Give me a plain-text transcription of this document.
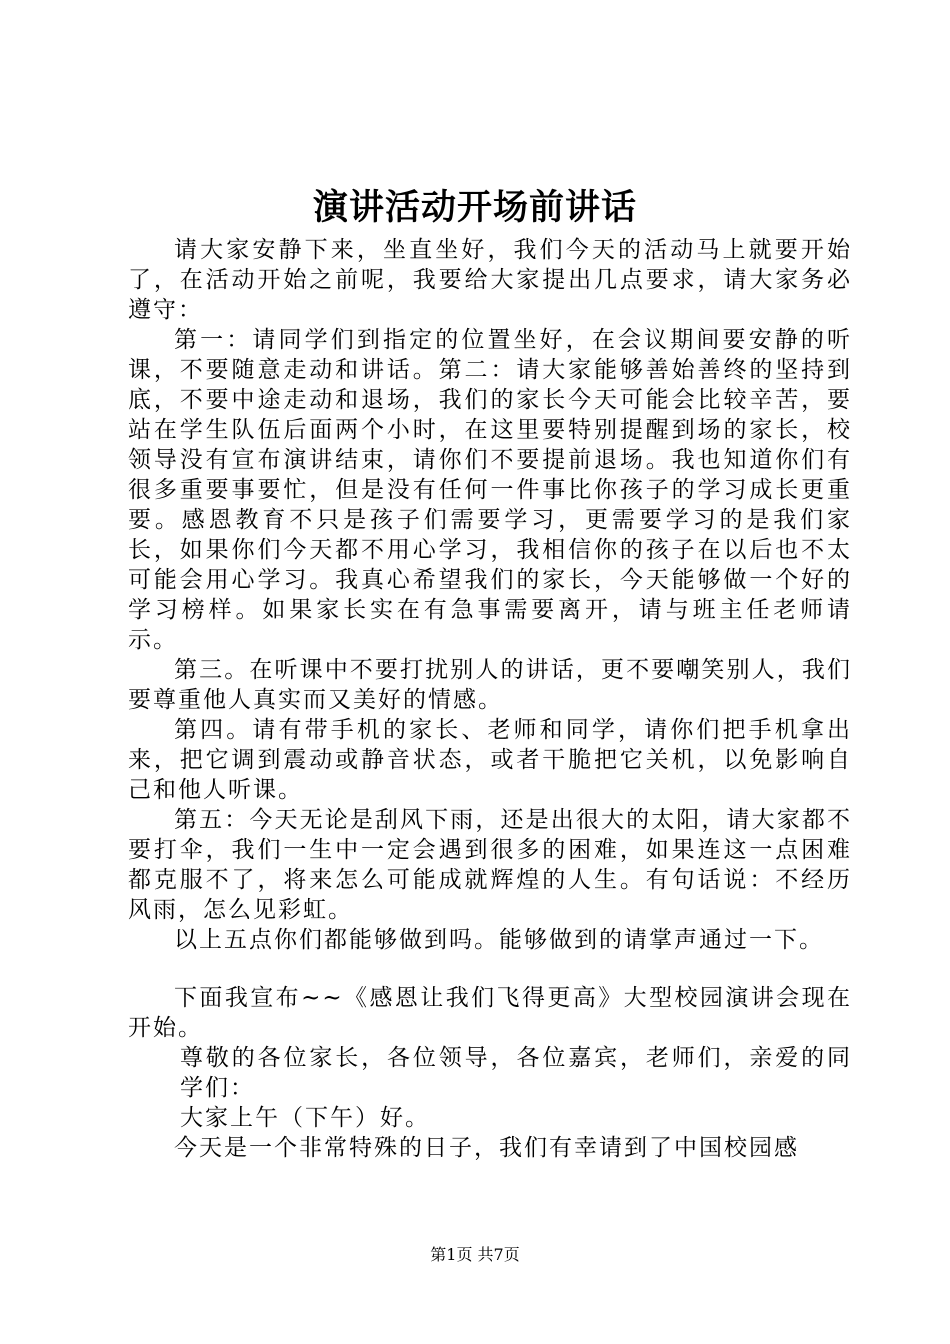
演讲活动开场前讲话

请大家安静下来，坐直坐好，我们今天的活动马上就要开始了，在活动开始之前呢，我要给大家提出几点要求，请大家务必遵守：

第一：请同学们到指定的位置坐好，在会议期间要安静的听课，不要随意走动和讲话。第二：请大家能够善始善终的坚持到底，不要中途走动和退场，我们的家长今天可能会比较辛苦，要站在学生队伍后面两个小时，在这里要特别提醒到场的家长，校领导没有宣布演讲结束，请你们不要提前退场。我也知道你们有很多重要事要忙，但是没有任何一件事比你孩子的学习成长更重要。感恩教育不只是孩子们需要学习，更需要学习的是我们家长，如果你们今天都不用心学习，我相信你的孩子在以后也不太可能会用心学习。我真心希望我们的家长，今天能够做一个好的学习榜样。如果家长实在有急事需要离开，请与班主任老师请示。

第三。在听课中不要打扰别人的讲话，更不要嘲笑别人，我们要尊重他人真实而又美好的情感。

第四。请有带手机的家长、老师和同学，请你们把手机拿出来，把它调到震动或静音状态，或者干脆把它关机，以免影响自己和他人听课。

第五：今天无论是刮风下雨，还是出很大的太阳，请大家都不要打伞，我们一生中一定会遇到很多的困难，如果连这一点困难都克服不了，将来怎么可能成就辉煌的人生。有句话说：不经历风雨，怎么见彩虹。

以上五点你们都能够做到吗。能够做到的请掌声通过一下。

下面我宣布~~《感恩让我们飞得更高》大型校园演讲会现在开始。

尊敬的各位家长，各位领导，各位嘉宾，老师们，亲爱的同学们：

大家上午（下午）好。

今天是一个非常特殊的日子，我们有幸请到了中国校园感

第1页 共7页
